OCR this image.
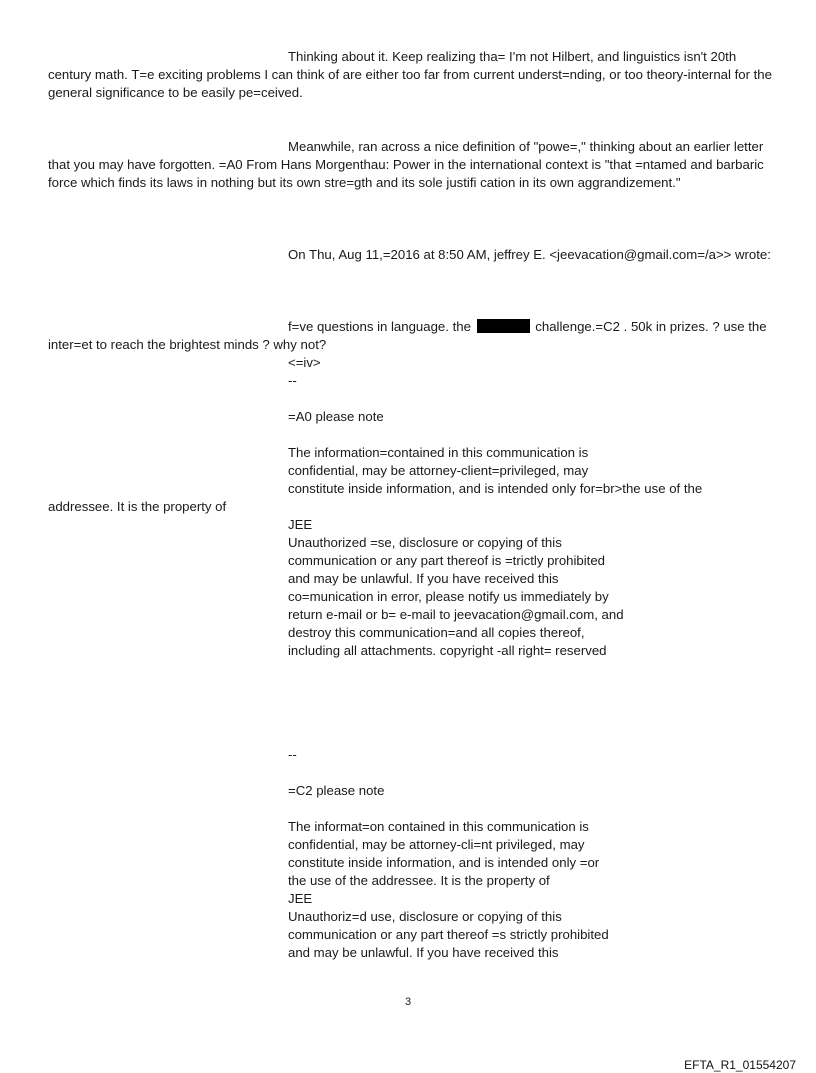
Thinking about it. Keep realizing tha= I'm not Hilbert, and linguistics isn't 20th century math. T=e exciting problems I can think of are either too far from current underst=nding, or too theory-internal for the general significance to be easily pe=ceived.
Meanwhile, ran across a nice definition of "powe=," thinking about an earlier letter that you may have forgotten. =A0 From Hans Morgenthau: Power in the international context is "that =ntamed and barbaric force which finds its laws in nothing but its own stre=gth and its sole justifi cation in its own aggrandizement."
On Thu, Aug 11,=2016 at 8:50 AM, jeffrey E. <jeevacation@gmail.com=/a>> wrote:
f=ve questions in language. the	challenge.=C2 . 50k in prizes. ? use the inter=et to reach the brightest minds ? why not?
<=iv>
--
=A0 please note
The information=contained in this communication is
confidential, may be attorney-client=privileged, may
constitute inside information, and is intended only for=br>the use of the
addressee. It is the property of
JEE
Unauthorized =se, disclosure or copying of this
communication or any part thereof is =trictly prohibited
and may be unlawful. If you have received this
co=munication in error, please notify us immediately by
return e-mail or b= e-mail to jeevacation@gmail.com, and
destroy this communication=and all copies thereof,
including all attachments. copyright -all right= reserved
--
=C2 please note
The informat=on contained in this communication is
confidential, may be attorney-cli=nt privileged, may
constitute inside information, and is intended only =or
the use of the addressee. It is the property of
JEE
Unauthoriz=d use, disclosure or copying of this
communication or any part thereof =s strictly prohibited
and may be unlawful. If you have received this
3
EFTA_R1_01554207
